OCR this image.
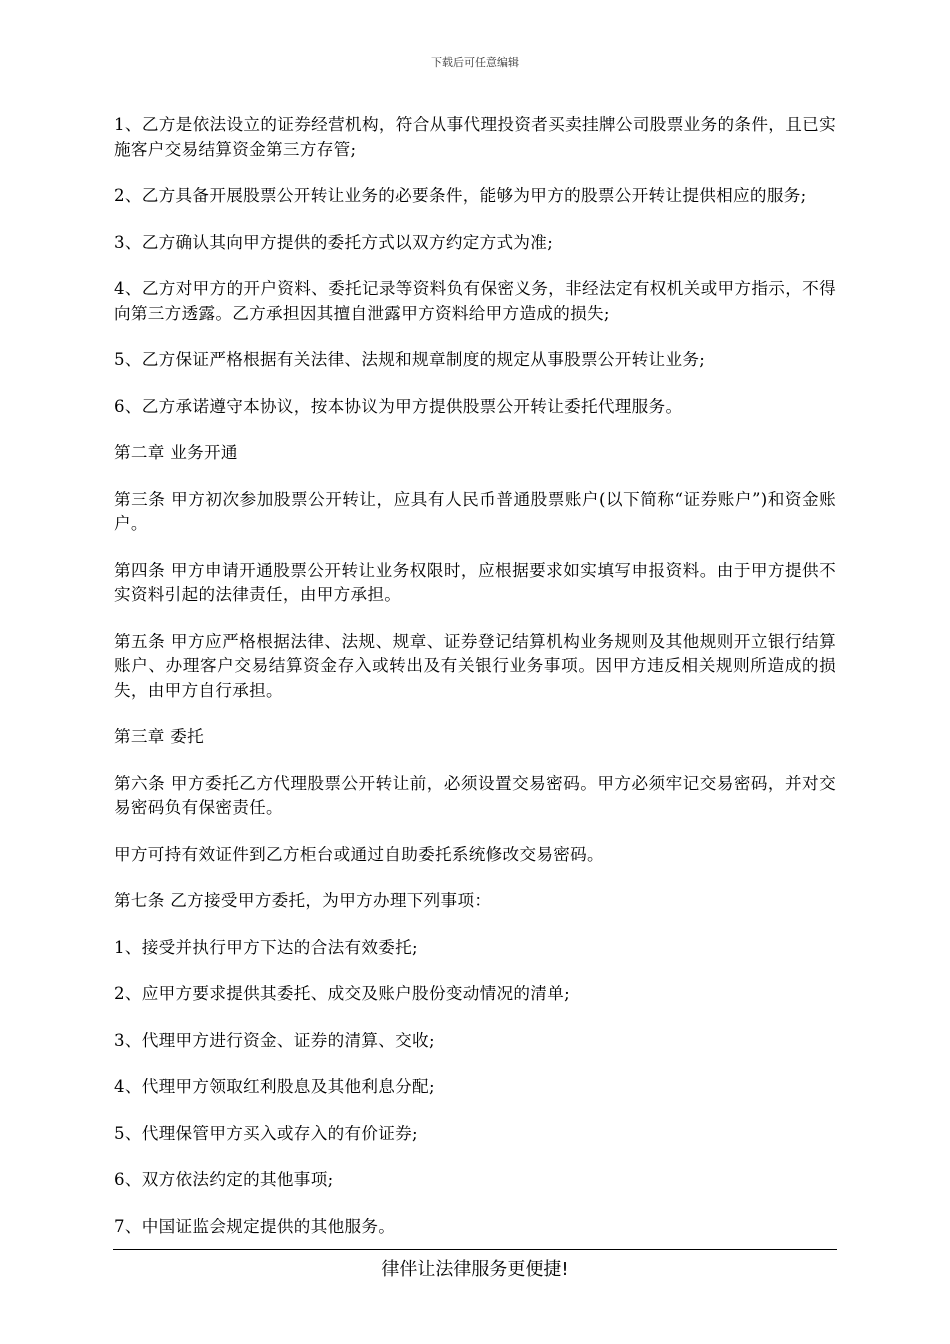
下载后可任意编辑

1、乙方是依法设立的证券经营机构，符合从事代理投资者买卖挂牌公司股票业务的条件，且已实施客户交易结算资金第三方存管;

2、乙方具备开展股票公开转让业务的必要条件，能够为甲方的股票公开转让提供相应的服务;

3、乙方确认其向甲方提供的委托方式以双方约定方式为准;

4、乙方对甲方的开户资料、委托记录等资料负有保密义务，非经法定有权机关或甲方指示，不得向第三方透露。乙方承担因其擅自泄露甲方资料给甲方造成的损失;

5、乙方保证严格根据有关法律、法规和规章制度的规定从事股票公开转让业务;

6、乙方承诺遵守本协议，按本协议为甲方提供股票公开转让委托代理服务。

第二章 业务开通

第三条 甲方初次参加股票公开转让，应具有人民币普通股票账户(以下简称“证券账户”)和资金账户。

第四条 甲方申请开通股票公开转让业务权限时，应根据要求如实填写申报资料。由于甲方提供不实资料引起的法律责任，由甲方承担。

第五条 甲方应严格根据法律、法规、规章、证券登记结算机构业务规则及其他规则开立银行结算账户、办理客户交易结算资金存入或转出及有关银行业务事项。因甲方违反相关规则所造成的损失，由甲方自行承担。

第三章 委托

第六条 甲方委托乙方代理股票公开转让前，必须设置交易密码。甲方必须牢记交易密码，并对交易密码负有保密责任。

甲方可持有效证件到乙方柜台或通过自助委托系统修改交易密码。

第七条 乙方接受甲方委托，为甲方办理下列事项：

1、接受并执行甲方下达的合法有效委托;

2、应甲方要求提供其委托、成交及账户股份变动情况的清单;

3、代理甲方进行资金、证券的清算、交收;

4、代理甲方领取红利股息及其他利息分配;

5、代理保管甲方买入或存入的有价证券;

6、双方依法约定的其他事项;

7、中国证监会规定提供的其他服务。

律伴让法律服务更便捷!
